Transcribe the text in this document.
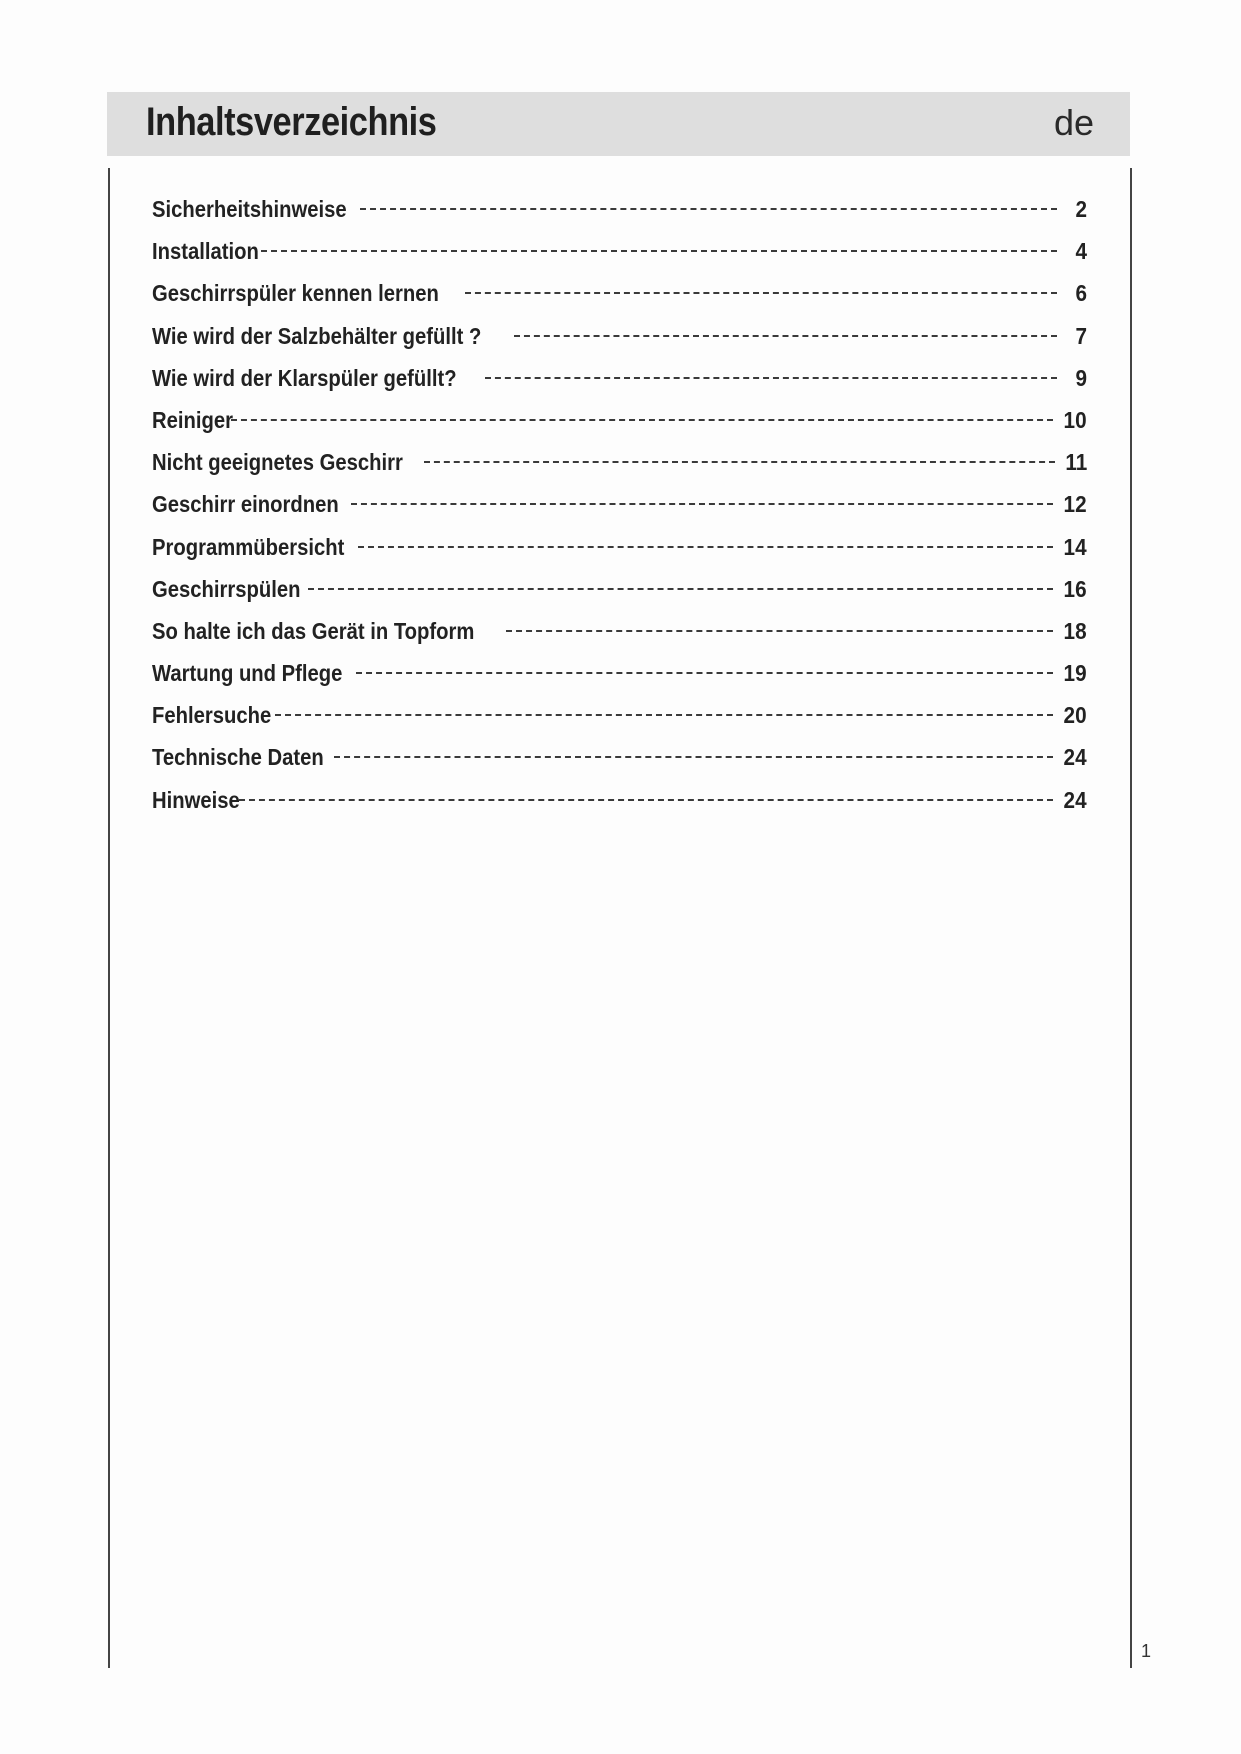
Inhaltsverzeichnis	de
Sicherheitshinweise	2
Installation	4
Geschirrspüler kennen lernen	6
Wie wird der Salzbehälter gefüllt ?	7
Wie wird der Klarspüler gefüllt?	9
Reiniger	10
Nicht geeignetes Geschirr	11
Geschirr einordnen	12
Programmübersicht	14
Geschirrspülen	16
So halte ich das Gerät in Topform	18
Wartung und Pflege	19
Fehlersuche	20
Technische Daten	24
Hinweise	24
1
